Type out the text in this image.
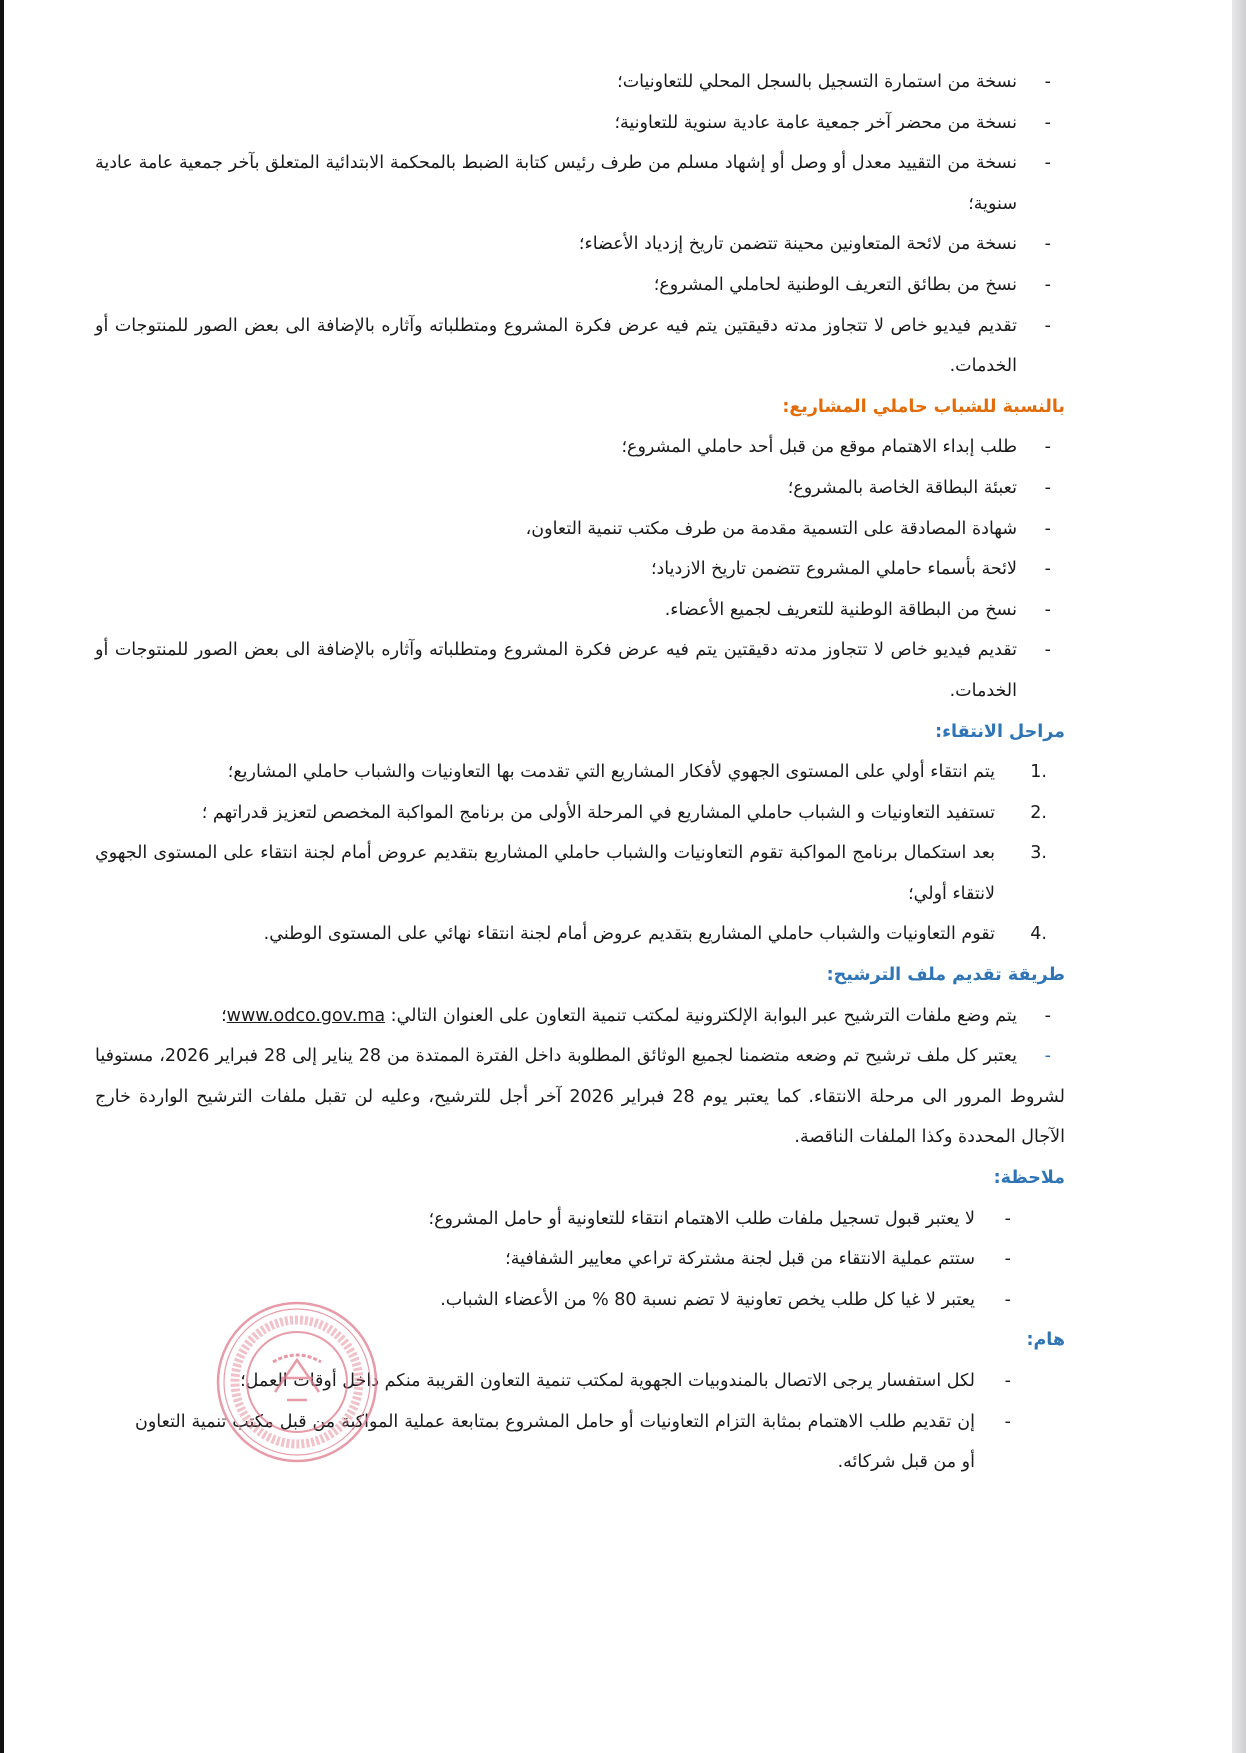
-
نسخة من استمارة التسجيل بالسجل المحلي للتعاونيات؛
-
نسخة من محضر آخر جمعية عامة عادية سنوية للتعاونية؛
-
نسخة من التقييد معدل أو وصل أو إشهاد مسلم من طرف رئيس كتابة الضبط بالمحكمة الابتدائية المتعلق بآخر جمعية عامة عادية سنوية؛
-
نسخة من لائحة المتعاونين محينة تتضمن تاريخ إزدياد الأعضاء؛
-
نسخ من بطائق التعريف الوطنية لحاملي المشروع؛
-
تقديم فيديو خاص لا تتجاوز مدته دقيقتين يتم فيه عرض فكرة المشروع ومتطلباته وآثاره بالإضافة الى بعض الصور للمنتوجات أو الخدمات.
بالنسبة للشباب حاملي المشاريع:
-
طلب إبداء الاهتمام موقع من قبل أحد حاملي المشروع؛
-
تعبئة البطاقة الخاصة بالمشروع؛
-
شهادة المصادقة على التسمية مقدمة من طرف مكتب تنمية التعاون،
-
لائحة بأسماء حاملي المشروع تتضمن تاريخ الازدياد؛
-
نسخ من البطاقة الوطنية للتعريف لجميع الأعضاء.
-
تقديم فيديو خاص لا تتجاوز مدته دقيقتين يتم فيه عرض فكرة المشروع ومتطلباته وآثاره بالإضافة الى بعض الصور للمنتوجات أو الخدمات.
مراحل الانتقاء:
1.
يتم انتقاء أولي على المستوى الجهوي لأفكار المشاريع التي تقدمت بها التعاونيات والشباب حاملي المشاريع؛
2.
تستفيد التعاونيات و الشباب حاملي المشاريع في المرحلة الأولى من برنامج المواكبة المخصص لتعزيز قدراتهم ؛
3.
بعد استكمال برنامج المواكبة تقوم التعاونيات والشباب حاملي المشاريع بتقديم عروض أمام لجنة انتقاء على المستوى الجهوي لانتقاء أولي؛
4.
تقوم التعاونيات والشباب حاملي المشاريع بتقديم عروض أمام لجنة انتقاء نهائي على المستوى الوطني.
طريقة تقديم ملف الترشيح:
-
يتم وضع ملفات الترشيح عبر البوابة الإلكترونية لمكتب تنمية التعاون على العنوان التالي: www.odco.gov.ma؛
-
يعتبر كل ملف ترشيح تم وضعه متضمنا لجميع الوثائق المطلوبة داخل الفترة الممتدة من 28 يناير إلى 28 فبراير 2026، مستوفيا لشروط المرور الى مرحلة الانتقاء. كما يعتبر يوم 28 فبراير 2026 آخر أجل للترشيح، وعليه لن تقبل ملفات الترشيح الواردة خارج الآجال المحددة وكذا الملفات الناقصة.
ملاحظة:
-
لا يعتبر قبول تسجيل ملفات طلب الاهتمام انتقاء للتعاونية أو حامل المشروع؛
-
ستتم عملية الانتقاء من قبل لجنة مشتركة تراعي معايير الشفافية؛
-
يعتبر لا غيا كل طلب يخص تعاونية لا تضم نسبة 80 % من الأعضاء الشباب.
هام:
-
لكل استفسار يرجى الاتصال بالمندوبيات الجهوية لمكتب تنمية التعاون القريبة منكم داخل أوقات العمل؛
-
إن تقديم طلب الاهتمام بمثابة التزام التعاونيات أو حامل المشروع بمتابعة عملية المواكبة من قبل مكتب تنمية التعاون أو من قبل شركائه.
